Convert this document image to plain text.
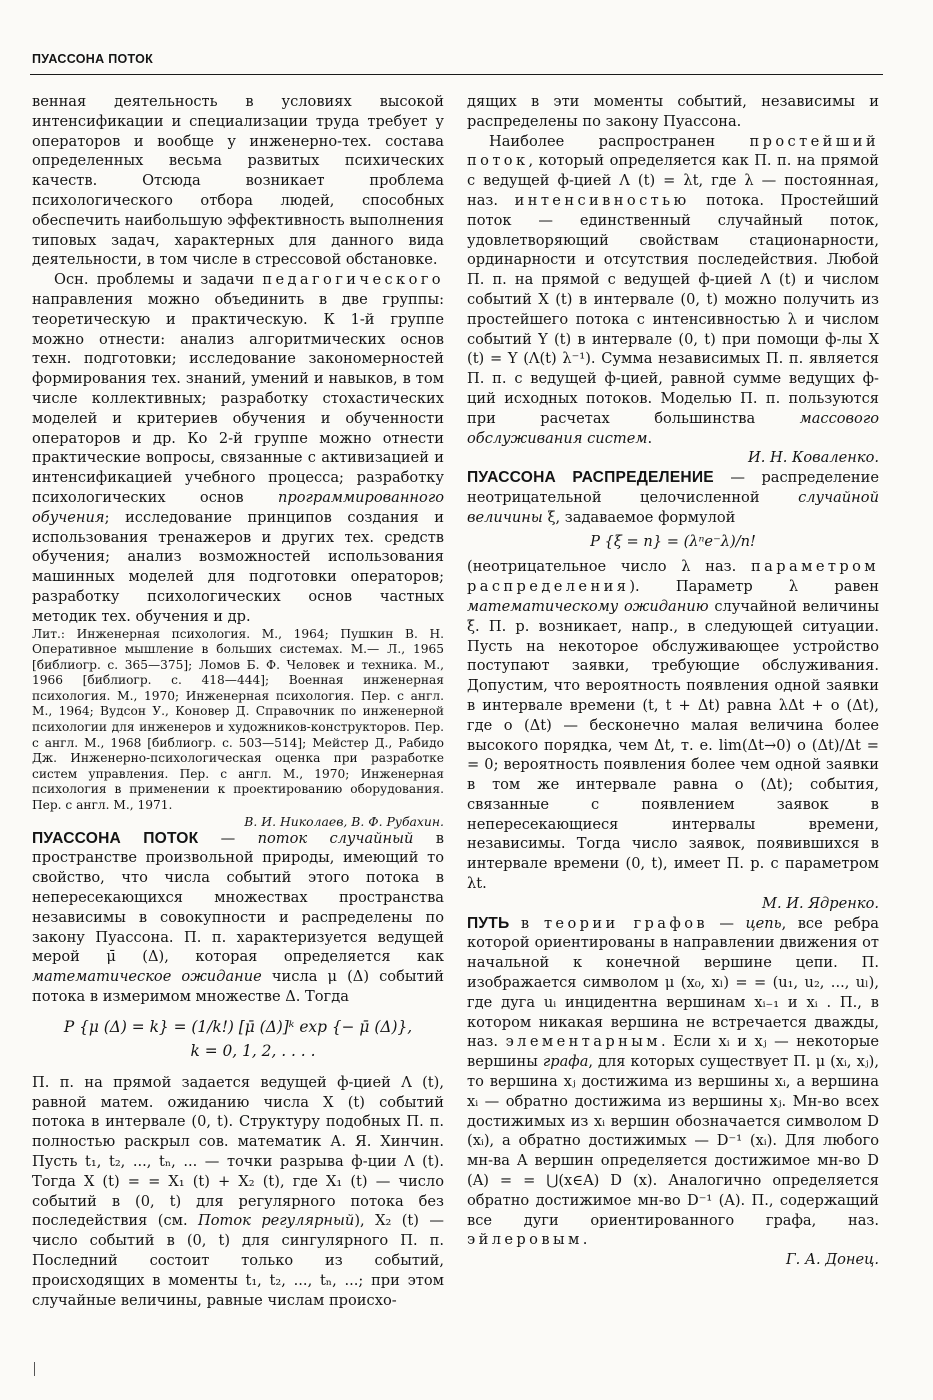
ПУАССОНА ПОТОК

венная деятельность в условиях высокой интенсификации и специализации труда требует у операторов и вообще у инженерно-тех. состава определенных весьма развитых психических качеств. Отсюда возникает проблема психологического отбора людей, способных обеспечить наибольшую эффективность выполнения типовых задач, характерных для данного вида деятельности, в том числе в стрессовой обстановке.

Осн. проблемы и задачи педагогического направления можно объединить в две группы: теоретическую и практическую. К 1-й группе можно отнести: анализ алгоритмических основ техн. подготовки; исследование закономерностей формирования тех. знаний, умений и навыков, в том числе коллективных; разработку стохастических моделей и критериев обучения и обученности операторов и др. Ко 2-й группе можно отнести практические вопросы, связанные с активизацией и интенсификацией учебного процесса; разработку психологических основ программированного обучения; исследование принципов создания и использования тренажеров и других тех. средств обучения; анализ возможностей использования машинных моделей для подготовки операторов; разработку психологических основ частных методик тех. обучения и др.

Лит.: Инженерная психология. М., 1964; Пушкин В. Н. Оперативное мышление в больших системах. М.— Л., 1965 [библиогр. с. 365—375]; Ломов Б. Ф. Человек и техника. М., 1966 [библиогр. с. 418—444]; Военная инженерная психология. М., 1970; Инженерная психология. Пер. с англ. М., 1964; Вудсон У., Коновер Д. Справочник по инженерной психологии для инженеров и художников-конструкторов. Пер. с англ. М., 1968 [библиогр. с. 503—514]; Мейстер Д., Рабидо Дж. Инженерно-психологическая оценка при разработке систем управления. Пер. с англ. М., 1970; Инженерная психология в применении к проектированию оборудования. Пер. с англ. М., 1971.

В. И. Николаев, В. Ф. Рубахин.

ПУАССОНА ПОТОК — поток случайный в пространстве произвольной природы, имеющий то свойство, что числа событий этого потока в непересекающихся множествах пространства независимы в совокупности и распределены по закону Пуассона. П. п. характеризуется ведущей мерой μ̄ (Δ), которая определяется как математическое ожидание числа μ (Δ) событий потока в измеримом множестве Δ. Тогда

P {μ (Δ) = k} = (1/k!) [μ̄ (Δ)]ᵏ exp {− μ̄ (Δ)},
k = 0, 1, 2, . . . .

П. п. на прямой задается ведущей ф-цией Λ (t), равной матем. ожиданию числа X (t) событий потока в интервале (0, t). Структуру подобных П. п. полностью раскрыл сов. математик А. Я. Хинчин. Пусть t₁, t₂, ..., tₙ, ... — точки разрыва ф-ции Λ (t). Тогда X (t) = = X₁ (t) + X₂ (t), где X₁ (t) — число событий в (0, t) для регулярного потока без последействия (см. Поток регулярный), X₂ (t) — число событий в (0, t) для сингулярного П. п. Последний состоит только из событий, происходящих в моменты t₁, t₂, ..., tₙ, ...; при этом случайные величины, равные числам происхо-

дящих в эти моменты событий, независимы и распределены по закону Пуассона.

Наиболее распространен простейший поток, который определяется как П. п. на прямой с ведущей ф-цией Λ (t) = λt, где λ — постоянная, наз. интенсивностью потока. Простейший поток — единственный случайный поток, удовлетворяющий свойствам стационарности, ординарности и отсутствия последействия. Любой П. п. на прямой с ведущей ф-цией Λ (t) и числом событий X (t) в интервале (0, t) можно получить из простейшего потока с интенсивностью λ и числом событий Y (t) в интервале (0, t) при помощи ф-лы X (t) = Y (Λ(t) λ⁻¹). Сумма независимых П. п. является П. п. с ведущей ф-цией, равной сумме ведущих ф-ций исходных потоков. Моделью П. п. пользуются при расчетах большинства	массового обслуживания систем.

И. Н. Коваленко.

ПУАССОНА РАСПРЕДЕЛЕНИЕ — распределение неотрицательной целочисленной	случайной величины ξ, задаваемое формулой

P {ξ = n} = (λⁿe⁻λ)/n!

(неотрицательное число λ наз. параметром распределения). Параметр λ равен математическому ожиданию случайной величины ξ. П. р. возникает, напр., в следующей ситуации. Пусть на некоторое обслуживающее устройство поступают заявки, требующие обслуживания. Допустим, что вероятность появления одной заявки в интервале времени (t, t + Δt) равна λΔt + o (Δt), где o (Δt) — бесконечно малая величина более высокого порядка, чем Δt, т. е. lim(Δt→0) o (Δt)/Δt = = 0; вероятность появления более чем одной заявки в том же интервале равна o (Δt); события, связанные с появлением заявок в непересекающиеся интервалы времени, независимы. Тогда число заявок, появившихся в интервале времени (0, t), имеет П. р. с параметром λt.

М. И. Ядренко.

ПУТЬ в теории графов — цепь, все ребра которой ориентированы в направлении движения от начальной к конечной вершине цепи. П. изображается символом μ (x₀, xₗ) = = (u₁, u₂, ..., uₗ), где дуга uᵢ инцидентна вершинам xᵢ₋₁ и xᵢ . П., в котором никакая вершина не встречается дважды, наз. элементарным. Если xᵢ и xⱼ — некоторые вершины графа, для которых существует П. μ (xᵢ, xⱼ), то вершина xⱼ достижима из вершины xᵢ, а вершина xᵢ — обратно достижима из вершины xⱼ. Мн-во всех достижимых из xᵢ вершин обозначается символом D (xᵢ), а обратно достижимых — D⁻¹ (xᵢ). Для любого мн-ва A вершин определяется достижимое мн-во D (A) = = ⋃(x∈A) D (x). Аналогично определяется обратно достижимое мн-во D⁻¹ (A). П., содержащий все дуги ориентированного графа, наз. эйлеровым.

Г. А. Донец.
